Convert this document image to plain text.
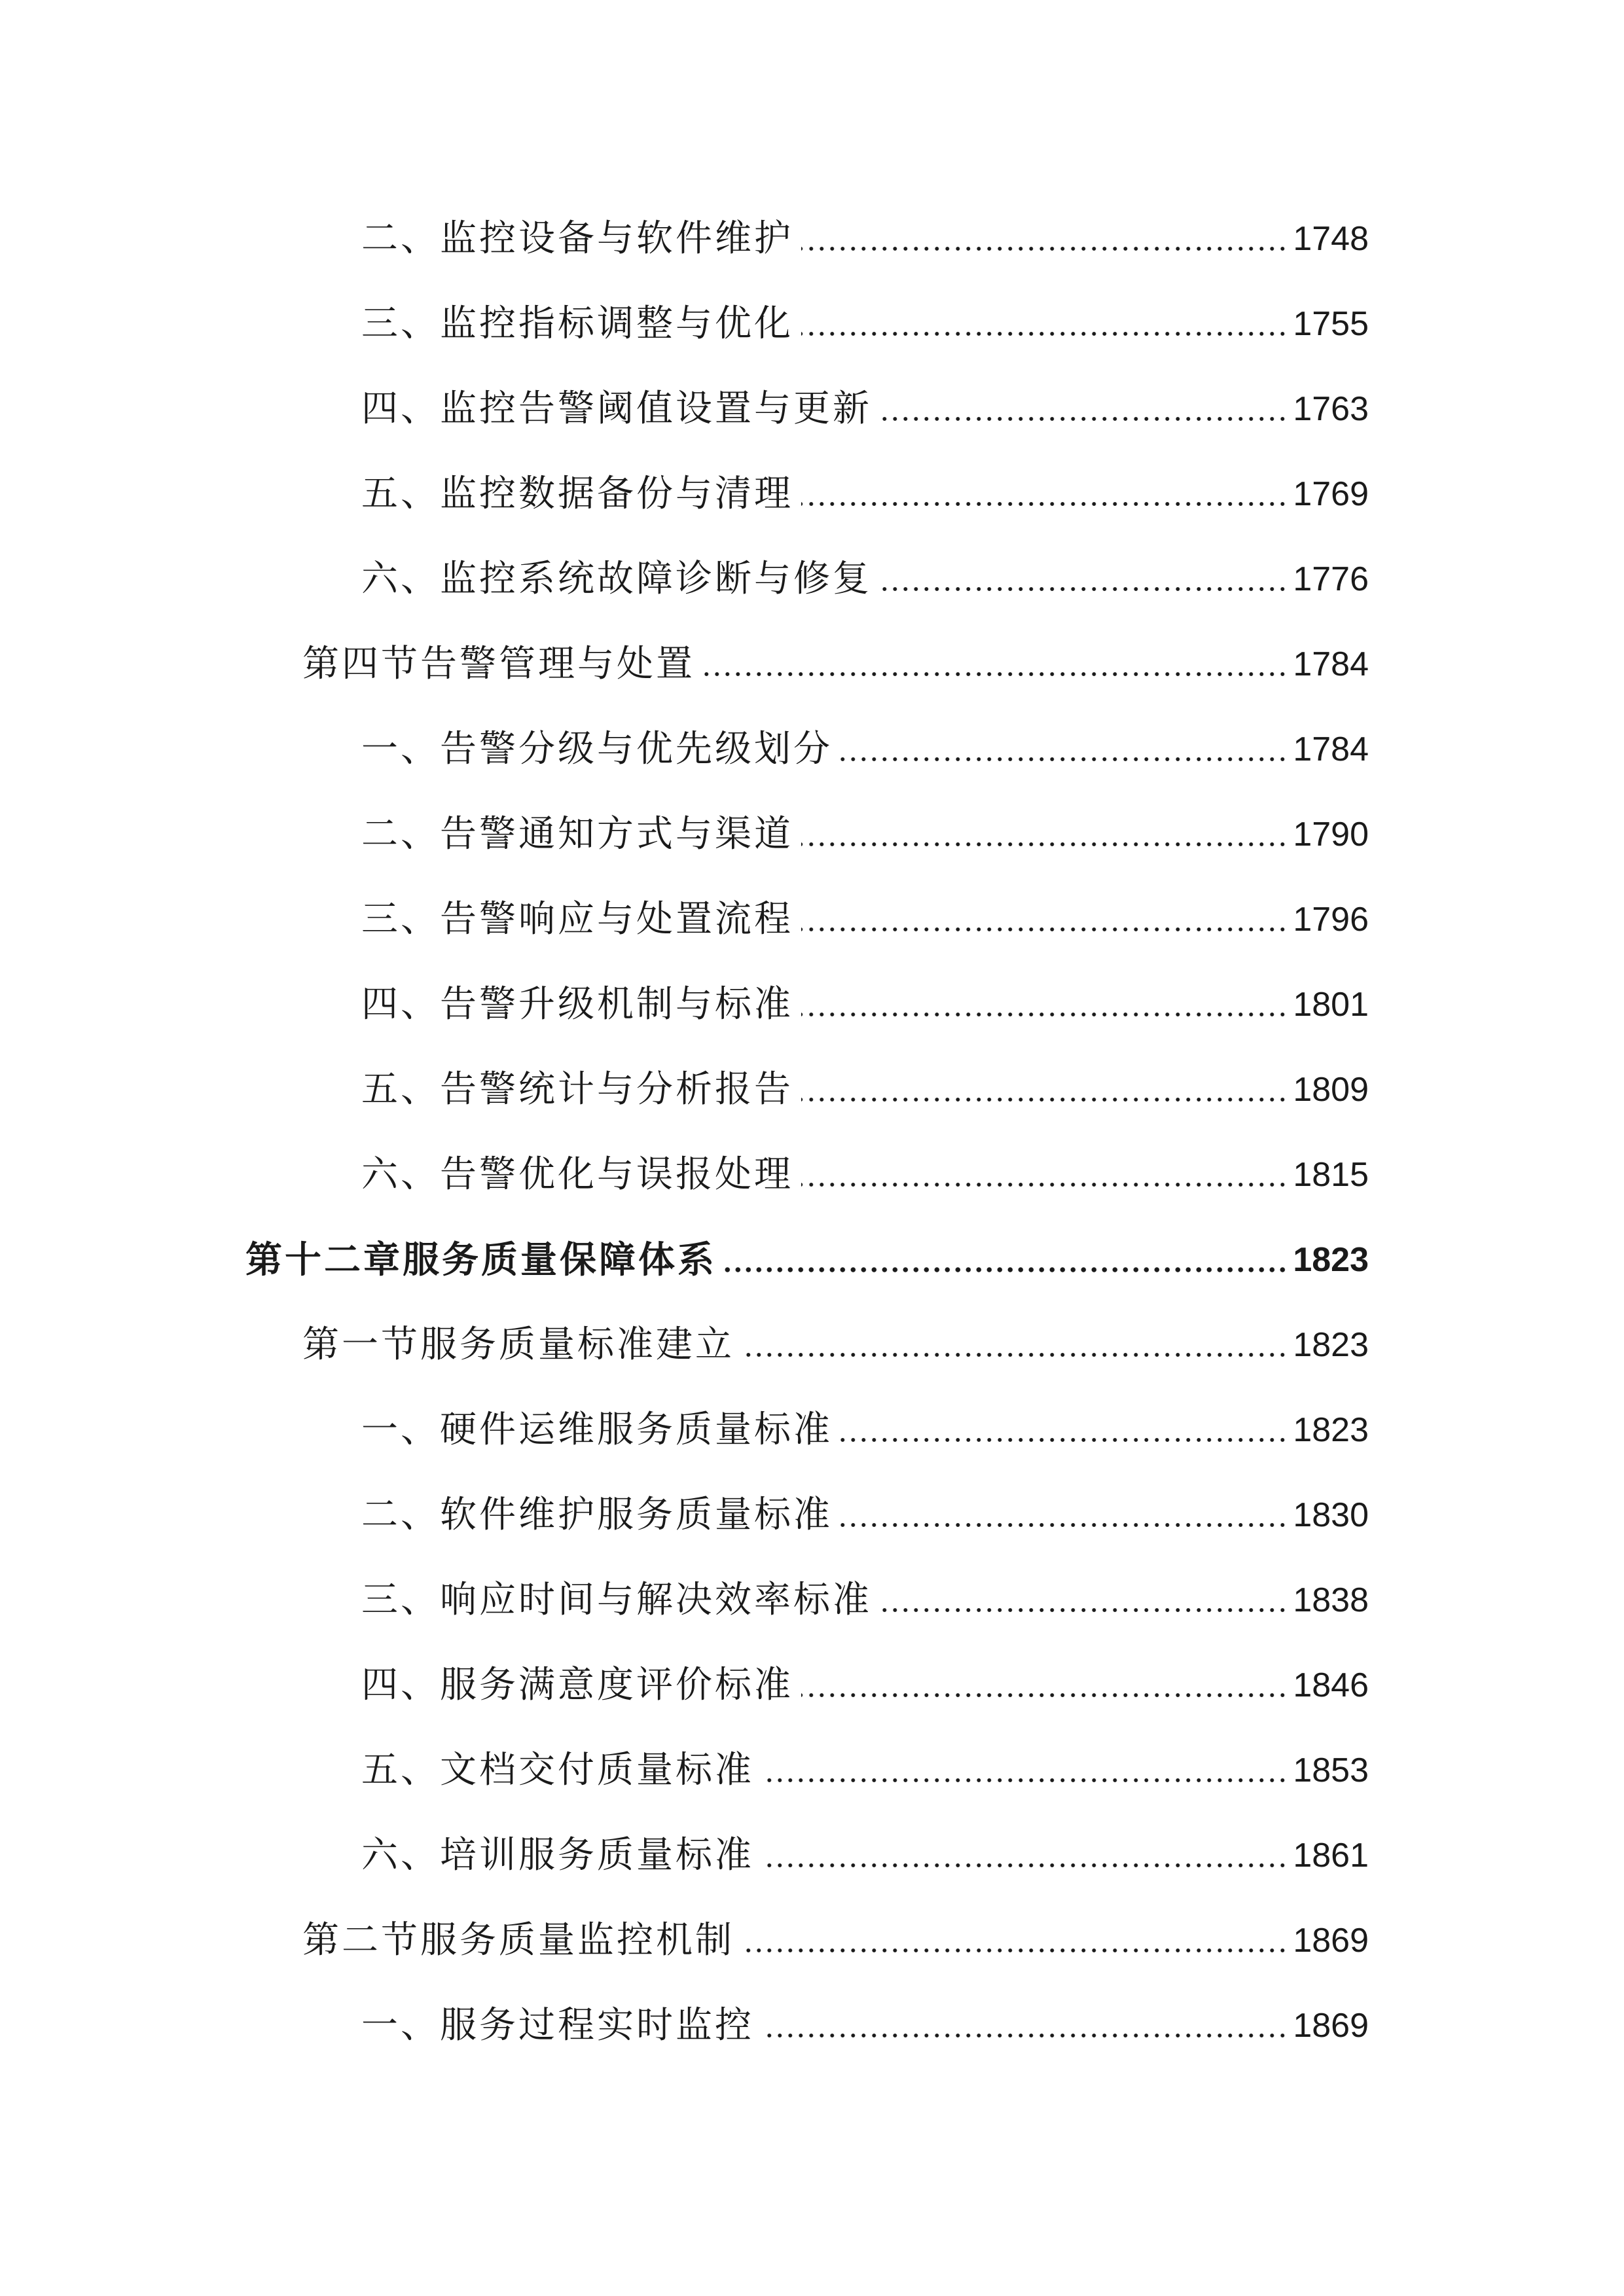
二、监控设备与软件维护	1748
三、监控指标调整与优化	1755
四、监控告警阈值设置与更新	1763
五、监控数据备份与清理	1769
六、监控系统故障诊断与修复	1776
第四节告警管理与处置	1784
一、告警分级与优先级划分	1784
二、告警通知方式与渠道	1790
三、告警响应与处置流程	1796
四、告警升级机制与标准	1801
五、告警统计与分析报告	1809
六、告警优化与误报处理	1815
第十二章服务质量保障体系	1823
第一节服务质量标准建立	1823
一、硬件运维服务质量标准	1823
二、软件维护服务质量标准	1830
三、响应时间与解决效率标准	1838
四、服务满意度评价标准	1846
五、文档交付质量标准	1853
六、培训服务质量标准	1861
第二节服务质量监控机制	1869
一、服务过程实时监控	1869
